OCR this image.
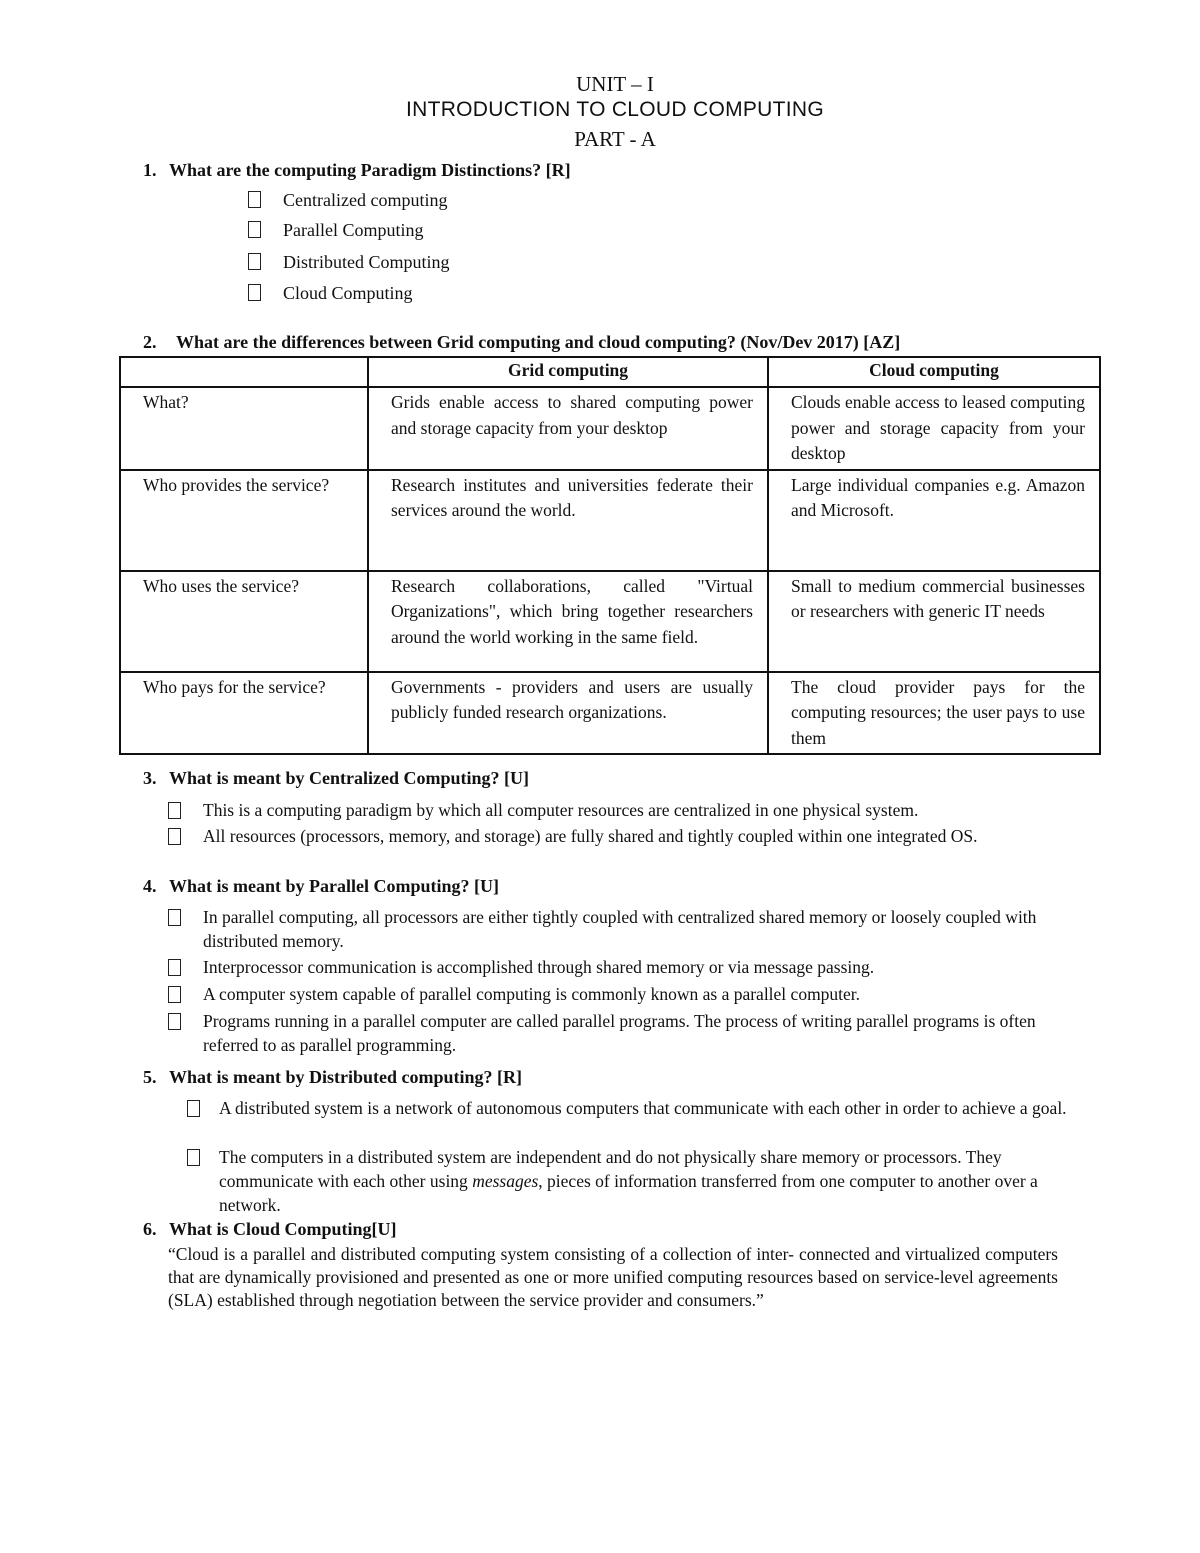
UNIT – I
INTRODUCTION TO CLOUD COMPUTING
PART - A
1. What are the computing Paradigm Distinctions? [R]
Centralized computing
Parallel Computing
Distributed Computing
Cloud Computing
2. What are the differences between Grid computing and cloud computing? (Nov/Dev 2017) [AZ]
	Grid computing	Cloud computing
What?	Grids enable access to shared computing power and storage capacity from your desktop	Clouds enable access to leased computing power and storage capacity from your desktop
Who provides the service?	Research institutes and universities federate their services around the world.	Large individual companies e.g. Amazon and Microsoft.
Who uses the service?	Research collaborations, called "Virtual Organizations", which bring together researchers around the world working in the same field.	Small to medium commercial businesses or researchers with generic IT needs
Who pays for the service?	Governments - providers and users are usually publicly funded research organizations.	The cloud provider pays for the computing resources; the user pays to use them
3. What is meant by Centralized Computing? [U]
This is a computing paradigm by which all computer resources are centralized in one physical system.
All resources (processors, memory, and storage) are fully shared and tightly coupled within one integrated OS.
4. What is meant by Parallel Computing? [U]
In parallel computing, all processors are either tightly coupled with centralized shared memory or loosely coupled with distributed memory.
Interprocessor communication is accomplished through shared memory or via message passing.
A computer system capable of parallel computing is commonly known as a parallel computer.
Programs running in a parallel computer are called parallel programs. The process of writing parallel programs is often referred to as parallel programming.
5. What is meant by Distributed computing? [R]
A distributed system is a network of autonomous computers that communicate with each other in order to achieve a goal.
The computers in a distributed system are independent and do not physically share memory or processors. They communicate with each other using messages, pieces of information transferred from one computer to another over a network.
6. What is Cloud Computing[U]
“Cloud is a parallel and distributed computing system consisting of a collection of inter- connected and virtualized computers that are dynamically provisioned and presented as one or more unified computing resources based on service-level agreements (SLA) established through negotiation between the service provider and consumers.”
